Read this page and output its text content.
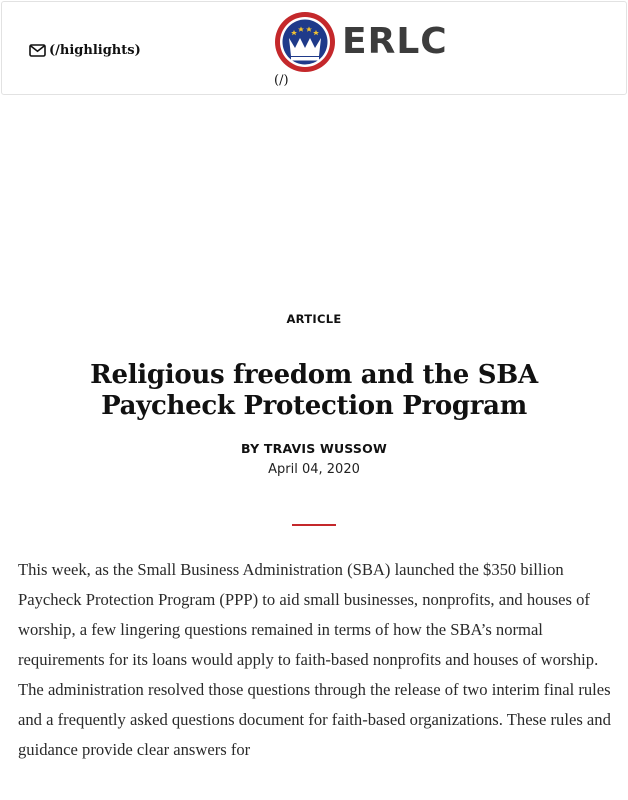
(/highlights)	ERLC
(/)
ARTICLE
Religious freedom and the SBA Paycheck Protection Program
BY TRAVIS WUSSOW
April 04, 2020

This week, as the Small Business Administration (SBA) launched the $350 billion Paycheck Protection Program (PPP) to aid small businesses, nonprofits, and houses of worship, a few lingering questions remained in terms of how the SBA’s normal requirements for its loans would apply to faith-based nonprofits and houses of worship. The administration resolved those questions through the release of two interim final rules and a frequently asked questions document for faith-based organizations. These rules and guidance provide clear answers for
